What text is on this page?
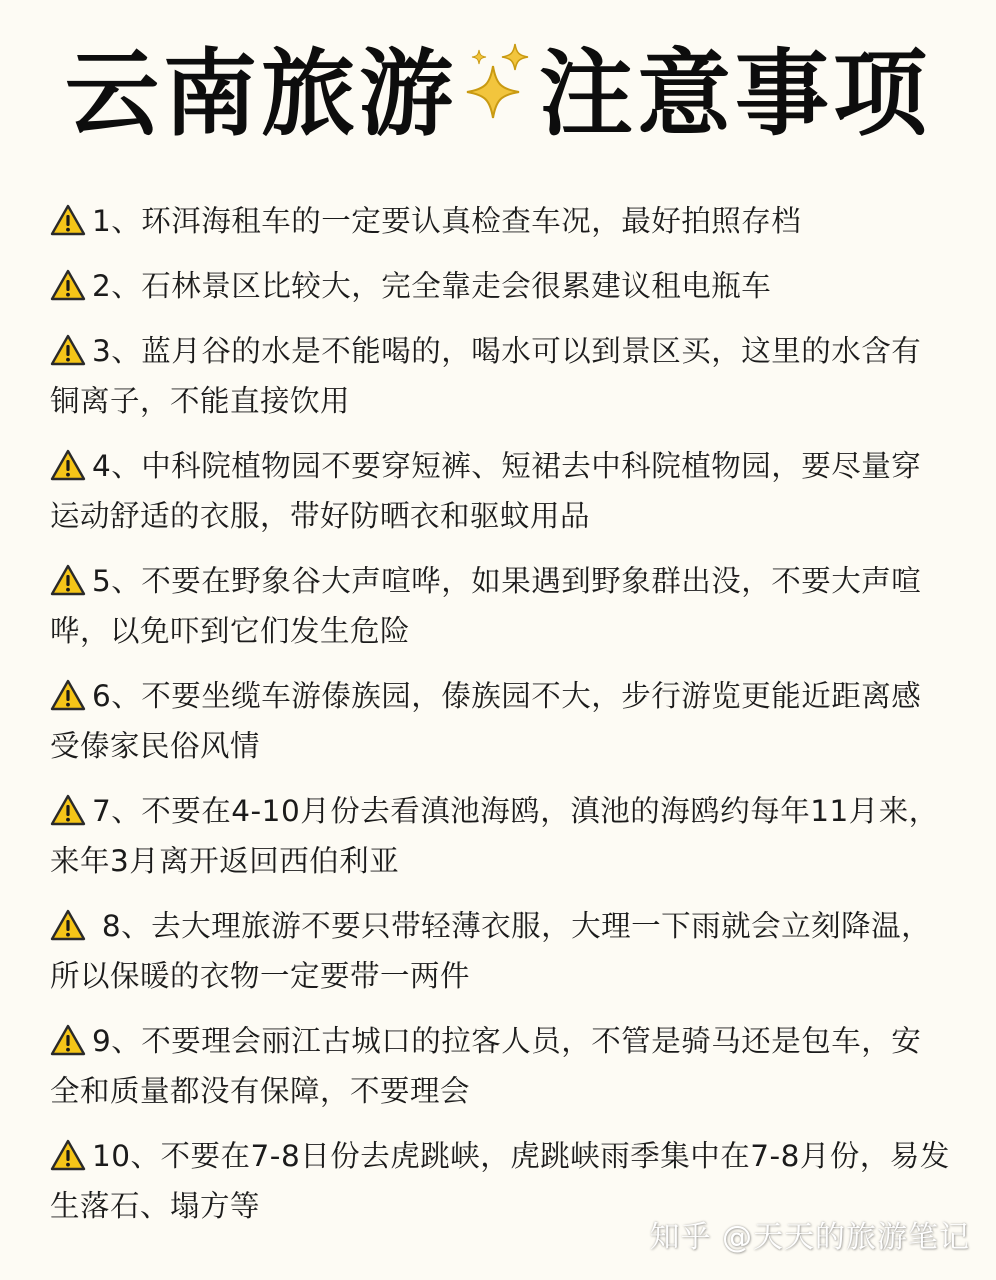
云南旅游 注意事项
1、环洱海租车的一定要认真检查车况，最好拍照存档
2、石林景区比较大，完全靠走会很累建议租电瓶车
3、蓝月谷的水是不能喝的，喝水可以到景区买，这里的水含有铜离子，不能直接饮用
4、中科院植物园不要穿短裤、短裙去中科院植物园，要尽量穿运动舒适的衣服，带好防晒衣和驱蚊用品
5、不要在野象谷大声喧哗，如果遇到野象群出没，不要大声喧哗，以免吓到它们发生危险
6、不要坐缆车游傣族园，傣族园不大，步行游览更能近距离感受傣家民俗风情
7、不要在4-10月份去看滇池海鸥，滇池的海鸥约每年11月来，来年3月离开返回西伯利亚
8、去大理旅游不要只带轻薄衣服，大理一下雨就会立刻降温，所以保暖的衣物一定要带一两件
9、不要理会丽江古城口的拉客人员，不管是骑马还是包车，安全和质量都没有保障，不要理会
10、不要在7-8日份去虎跳峡，虎跳峡雨季集中在7-8月份，易发生落石、塌方等
知乎 @天天的旅游笔记
